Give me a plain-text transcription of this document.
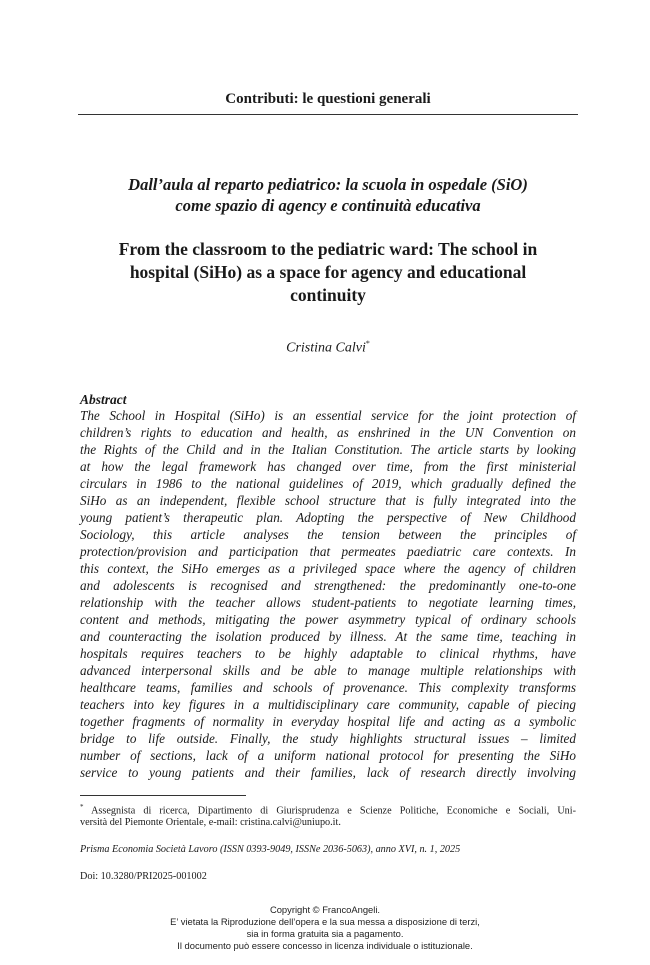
Contributi: le questioni generali
Dall’aula al reparto pediatrico: la scuola in ospedale (SiO)
come spazio di agency e continuità educativa
From the classroom to the pediatric ward: The school in
hospital (SiHo) as a space for agency and educational
continuity
Cristina Calvi*
Abstract
The School in Hospital (SiHo) is an essential service for the joint protection of
children’s rights to education and health, as enshrined in the UN Convention on
the Rights of the Child and in the Italian Constitution. The article starts by looking
at how the legal framework has changed over time, from the first ministerial
circulars in 1986 to the national guidelines of 2019, which gradually defined the
SiHo as an independent, flexible school structure that is fully integrated into the
young patient’s therapeutic plan. Adopting the perspective of New Childhood
Sociology, this article analyses the tension between the principles of
protection/provision and participation that permeates paediatric care contexts. In
this context, the SiHo emerges as a privileged space where the agency of children
and adolescents is recognised and strengthened: the predominantly one-to-one
relationship with the teacher allows student-patients to negotiate learning times,
content and methods, mitigating the power asymmetry typical of ordinary schools
and counteracting the isolation produced by illness. At the same time, teaching in
hospitals requires teachers to be highly adaptable to clinical rhythms, have
advanced interpersonal skills and be able to manage multiple relationships with
healthcare teams, families and schools of provenance. This complexity transforms
teachers into key figures in a multidisciplinary care community, capable of piecing
together fragments of normality in everyday hospital life and acting as a symbolic
bridge to life outside. Finally, the study highlights structural issues – limited
number of sections, lack of a uniform national protocol for presenting the SiHo
service to young patients and their families, lack of research directly involving
* Assegnista di ricerca, Dipartimento di Giurisprudenza e Scienze Politiche, Economiche e Sociali, Uni-
versità del Piemonte Orientale, e-mail: cristina.calvi@uniupo.it.
Prisma Economia Società Lavoro (ISSN 0393-9049, ISSNe 2036-5063), anno XVI, n. 1, 2025
Doi: 10.3280/PRI2025-001002
Copyright © FrancoAngeli.
E’ vietata la Riproduzione dell’opera e la sua messa a disposizione di terzi,
sia in forma gratuita sia a pagamento.
Il documento può essere concesso in licenza individuale o istituzionale.
